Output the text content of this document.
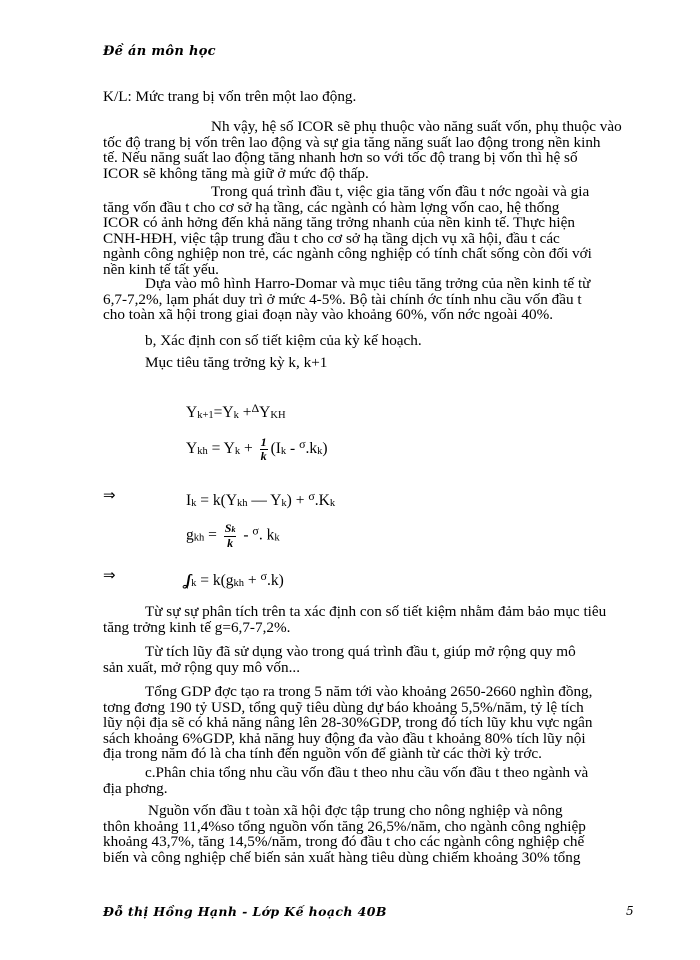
Đề án môn học
K/L: Mức trang bị vốn trên một lao động.
Nh vậy, hệ số ICOR sẽ phụ thuộc vào năng suất vốn, phụ thuộc vào
tốc độ trang bị vốn trên lao động và sự gia tăng năng suất lao động trong nền kinh
tế. Nếu năng suất lao động tăng nhanh hơn so với tốc độ trang bị vốn thì hệ số
ICOR sẽ không tăng mà giữ ở mức độ thấp.
Trong quá trình đầu t, việc gia tăng vốn đầu t nớc ngoài và gia
tăng vốn đầu t cho cơ sở hạ tầng, các ngành có hàm lợng vốn cao, hệ thống
ICOR có ảnh hởng đến khả năng tăng trởng nhanh của nền kinh tế. Thực hiện
CNH-HĐH, việc tập trung đầu t cho cơ sở hạ tầng dịch vụ xã hội, đầu t các
ngành công nghiệp non trẻ, các ngành công nghiệp có tính chất sống còn đối với
nền kinh tế tất yếu.
Dựa vào mô hình Harro-Domar và mục tiêu tăng trởng của nền kinh tế từ
6,7-7,2%, lạm phát duy trì ở mức 4-5%. Bộ tài chính ớc tính nhu cầu vốn đầu t
cho toàn xã hội trong giai đoạn này vào khoảng 60%, vốn nớc ngoài 40%.
b, Xác định con số tiết kiệm của kỳ kế hoạch.
Mục tiêu tăng trởng kỳ k, k+1
Yk+1=Yk +$^\Delta$YKH
Ykh = $Yk + \frac{1}{k} (Ik - ^\sigma.kk)$
⇒	Ik = k(Ykh — Yk) + $^\sigma$.Kk
gkh = $\frac{Sk}{k} - ^\sigma$. kk
⇒	ʆk = k(gkh + $^\sigma$.k)
Từ sự sự phân tích trên ta xác định con số tiết kiệm nhằm đảm bảo mục tiêu
tăng trởng kinh tế g=6,7-7,2%.
Từ tích lũy đã sử dụng vào trong quá trình đầu t, giúp mở rộng quy mô
sản xuất, mở rộng quy mô vốn...
Tổng GDP đợc tạo ra trong 5 năm tới vào khoảng 2650-2660 nghìn đồng,
tơng đơng 190 tỷ USD, tổng quỹ tiêu dùng dự báo khoảng 5,5%/năm, tỷ lệ tích
lũy nội địa sẽ có khả năng nâng lên 28-30%GDP, trong đó tích lũy khu vực ngân
sách khoảng 6%GDP, khả năng huy động đa vào đầu t khoảng 80% tích lũy nội
địa trong năm đó là cha tính đến nguồn vốn để giành từ các thời kỳ trớc.
c.Phân chia tổng nhu cầu vốn đầu t theo nhu cầu vốn đầu t theo ngành và
địa phơng.
Nguồn vốn đầu t toàn xã hội đợc tập trung cho nông nghiệp và nông
thôn khoảng 11,4%so tổng nguồn vốn tăng 26,5%/năm, cho ngành công nghiệp
khoảng 43,7%, tăng 14,5%/năm, trong đó đầu t cho các ngành công nghiệp chế
biến và công nghiệp chế biến sản xuất hàng tiêu dùng chiếm khoảng 30% tổng
Đỗ thị Hồng Hạnh - Lớp Kế hoạch 40B	5
